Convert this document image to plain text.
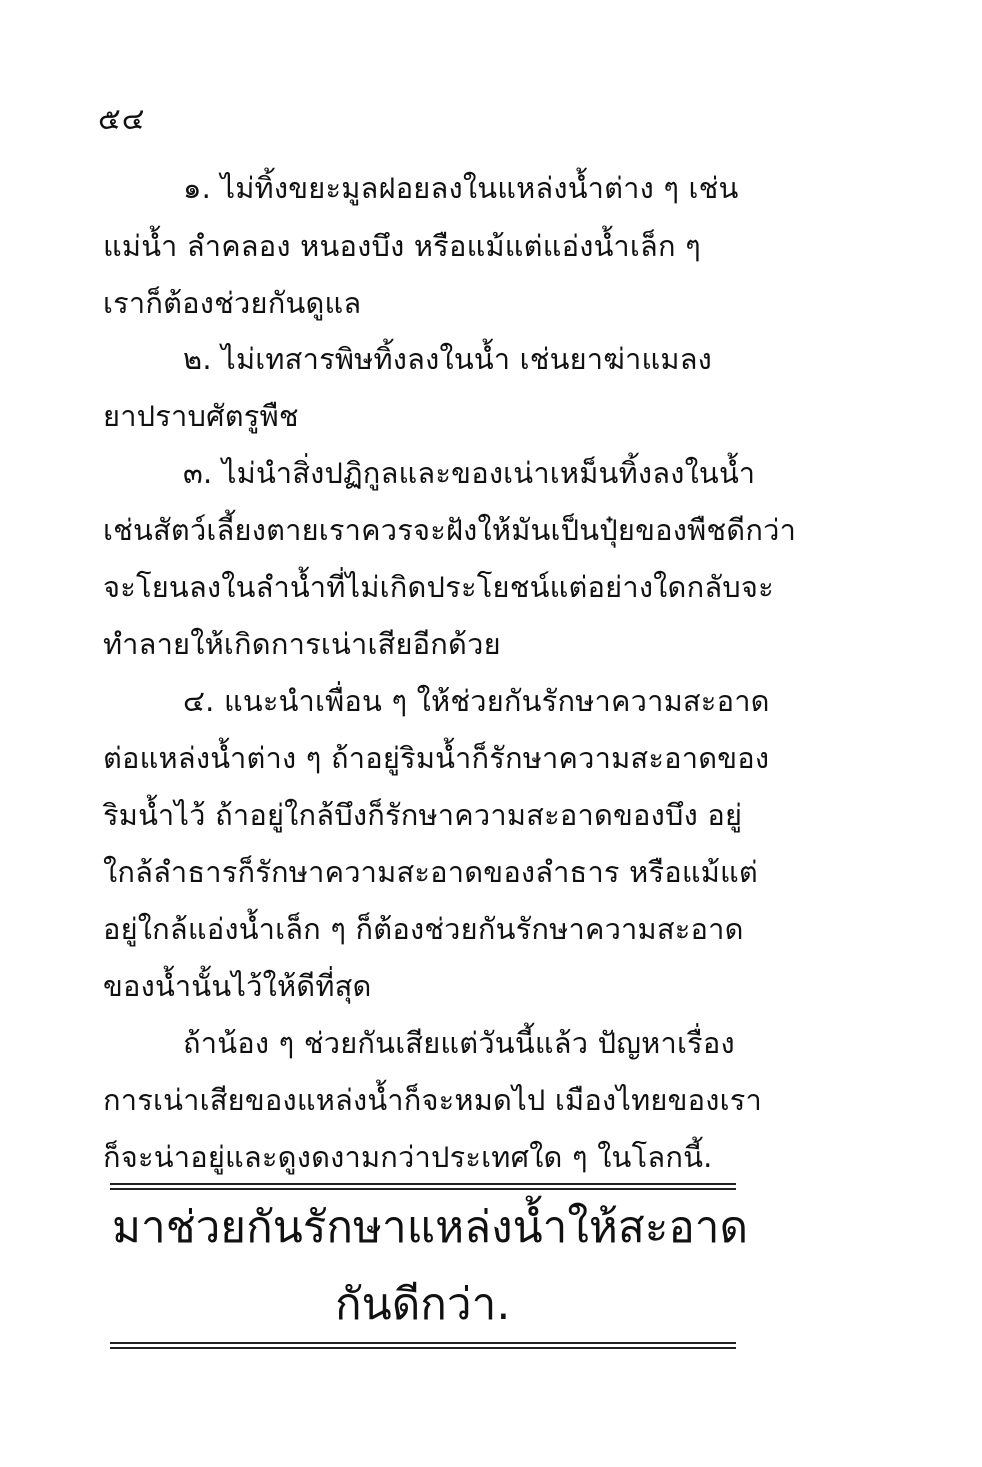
๕๔
๑. ไม่ทิ้งขยะมูลฝอยลงในแหล่งน้ำต่าง ๆ เช่น
แม่น้ำ ลำคลอง หนองบึง หรือแม้แต่แอ่งน้ำเล็ก ๆ
เราก็ต้องช่วยกันดูแล
๒. ไม่เทสารพิษทิ้งลงในน้ำ เช่นยาฆ่าแมลง
ยาปราบศัตรูพืช
๓. ไม่นำสิ่งปฏิกูลและของเน่าเหม็นทิ้งลงในน้ำ
เช่นสัตว์เลี้ยงตายเราควรจะฝังให้มันเป็นปุ๋ยของพืชดีกว่า
จะโยนลงในลำน้ำที่ไม่เกิดประโยชน์แต่อย่างใดกลับจะ
ทำลายให้เกิดการเน่าเสียอีกด้วย
๔. แนะนำเพื่อน ๆ ให้ช่วยกันรักษาความสะอาด
ต่อแหล่งน้ำต่าง ๆ ถ้าอยู่ริมน้ำก็รักษาความสะอาดของ
ริมน้ำไว้ ถ้าอยู่ใกล้บึงก็รักษาความสะอาดของบึง อยู่
ใกล้ลำธารก็รักษาความสะอาดของลำธาร หรือแม้แต่
อยู่ใกล้แอ่งน้ำเล็ก ๆ ก็ต้องช่วยกันรักษาความสะอาด
ของน้ำนั้นไว้ให้ดีที่สุด
ถ้าน้อง ๆ ช่วยกันเสียแต่วันนี้แล้ว ปัญหาเรื่อง
การเน่าเสียของแหล่งน้ำก็จะหมดไป เมืองไทยของเรา
ก็จะน่าอยู่และดูงดงามกว่าประเทศใด ๆ ในโลกนี้.
มาช่วยกันรักษาแหล่งน้ำให้สะอาด
กันดีกว่า.
